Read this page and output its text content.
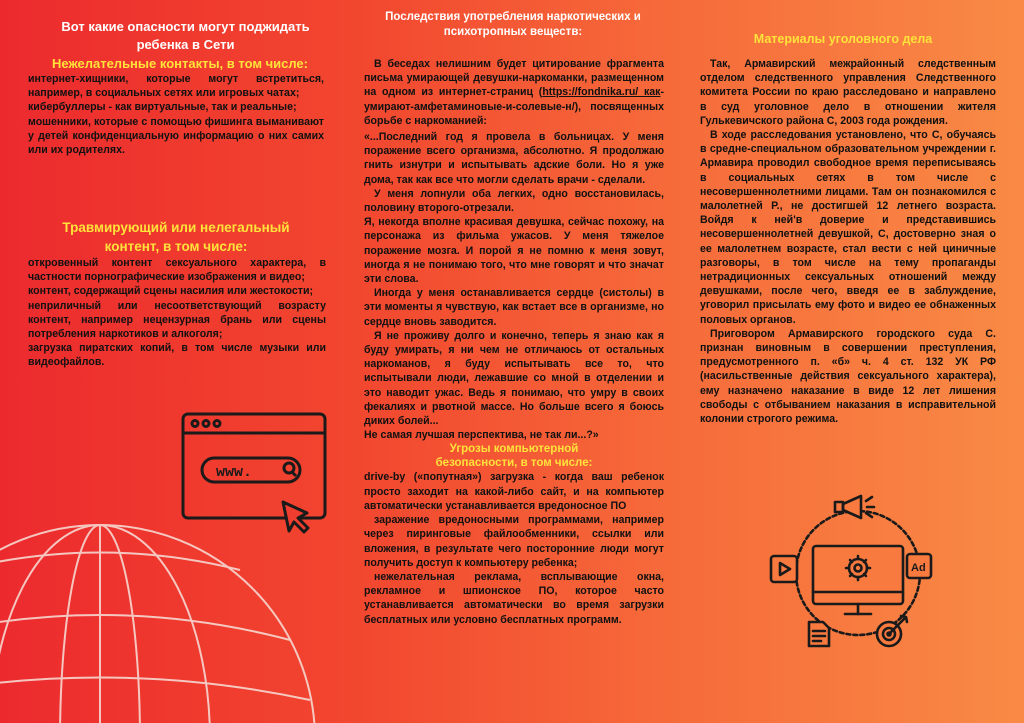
www.
Ad
Вот какие опасности могут поджидать ребенка в Сети
Нежелательные контакты, в том числе:

интернет-хищники, которые могут встретиться, например, в социальных сетях или игровых чатах;

кибербуллеры - как виртуальные, так и реальные;

мошенники, которые с помощью фишинга выманивают у детей конфиденциальную информацию о них самих или их родителях.

Травмирующий или нелегальный контент, в том числе:

откровенный контент сексуального характера, в частности порнографические изображения и видео;

контент, содержащий сцены насилия или жестокости;

неприличный или несоответствующий возрасту контент, например нецензурная брань или сцены потребления наркотиков и алкоголя;

загрузка пиратских копий, в том числе музыки или видеофайлов.

Последствия употребления наркотических и психотропных веществ:

В беседах нелишним будет цитирование фрагмента письма умирающей девушки-наркоманки, размещенном на одном из интернет-страниц (https://fondnika.ru/ как-умирают-амфетаминовые-и-солевые-н/), посвященных борьбе с наркоманией:

«...Последний год я провела в больницах. У меня поражение всего организма, абсолютно. Я продолжаю гнить изнутри и испытывать адские боли. Но я уже дома, так как все что могли сделать врачи - сделали.

У меня лопнули оба легких, одно восстановилась, половину второго-отрезали.

Я, некогда вполне красивая девушка, сейчас похожу, на персонажа из фильма ужасов. У меня тяжелое поражение мозга. И порой я не помню к меня зовут, иногда я не понимаю того, что мне говорят и что значат эти слова.

Иногда у меня останавливается сердце (систолы) в эти моменты я чувствую, как встает все в организме, но сердце вновь заводится.

Я не проживу долго и конечно, теперь я знаю как я буду умирать, я ни чем не отличаюсь от остальных наркоманов, я буду испытывать все то, что испытывали люди, лежавшие со мной в отделении и это наводит ужас. Ведь я понимаю, что умру в своих фекалиях и рвотной массе. Но больше всего я боюсь диких болей...

Не самая лучшая перспектива, не так ли...?»

Угрозы компьютерной безопасности, в том числе:

drive-by («попутная») загрузка - когда ваш ребенок просто заходит на какой-либо сайт, и на компьютер автоматически устанавливается вредоносное ПО

заражение вредоносными программами, например через пиринговые файлообменники, ссылки или вложения, в результате чего посторонние люди могут получить доступ к компьютеру ребенка;

нежелательная реклама, всплывающие окна, рекламное и шпионское ПО, которое часто устанавливается автоматически во время загрузки бесплатных или условно бесплатных программ.

Материалы уголовного дела

Так, Армавирский межрайонный следственным отделом следственного управления Следственного комитета России по краю расследовано и направлено в суд уголовное дело в отношении жителя Гулькевичского района С, 2003 года рождения.

В ходе расследования установлено, что С, обучаясь в средне-специальном образовательном учреждении г. Армавира проводил свободное время переписываясь в социальных сетях в том числе с несовершеннолетними лицами. Там он познакомился с малолетней Р., не достигшей 12 летнего возраста. Войдя к ней'в доверие и представившись несовершеннолетней девушкой, С, достоверно зная о ее малолетнем возрасте, стал вести с ней циничные разговоры, в том числе на тему пропаганды нетрадиционных сексуальных отношений между девушками, после чего, введя ее в заблуждение, уговорил присылать ему фото и видео ее обнаженных половых органов.

Приговором Армавирского городского суда С. признан виновным в совершении преступления, предусмотренного п. «б» ч. 4 ст. 132 УК РФ (насильственные действия сексуального характера), ему назначено наказание в виде 12 лет лишения свободы с отбыванием наказания в исправительной колонии строгого режима.
